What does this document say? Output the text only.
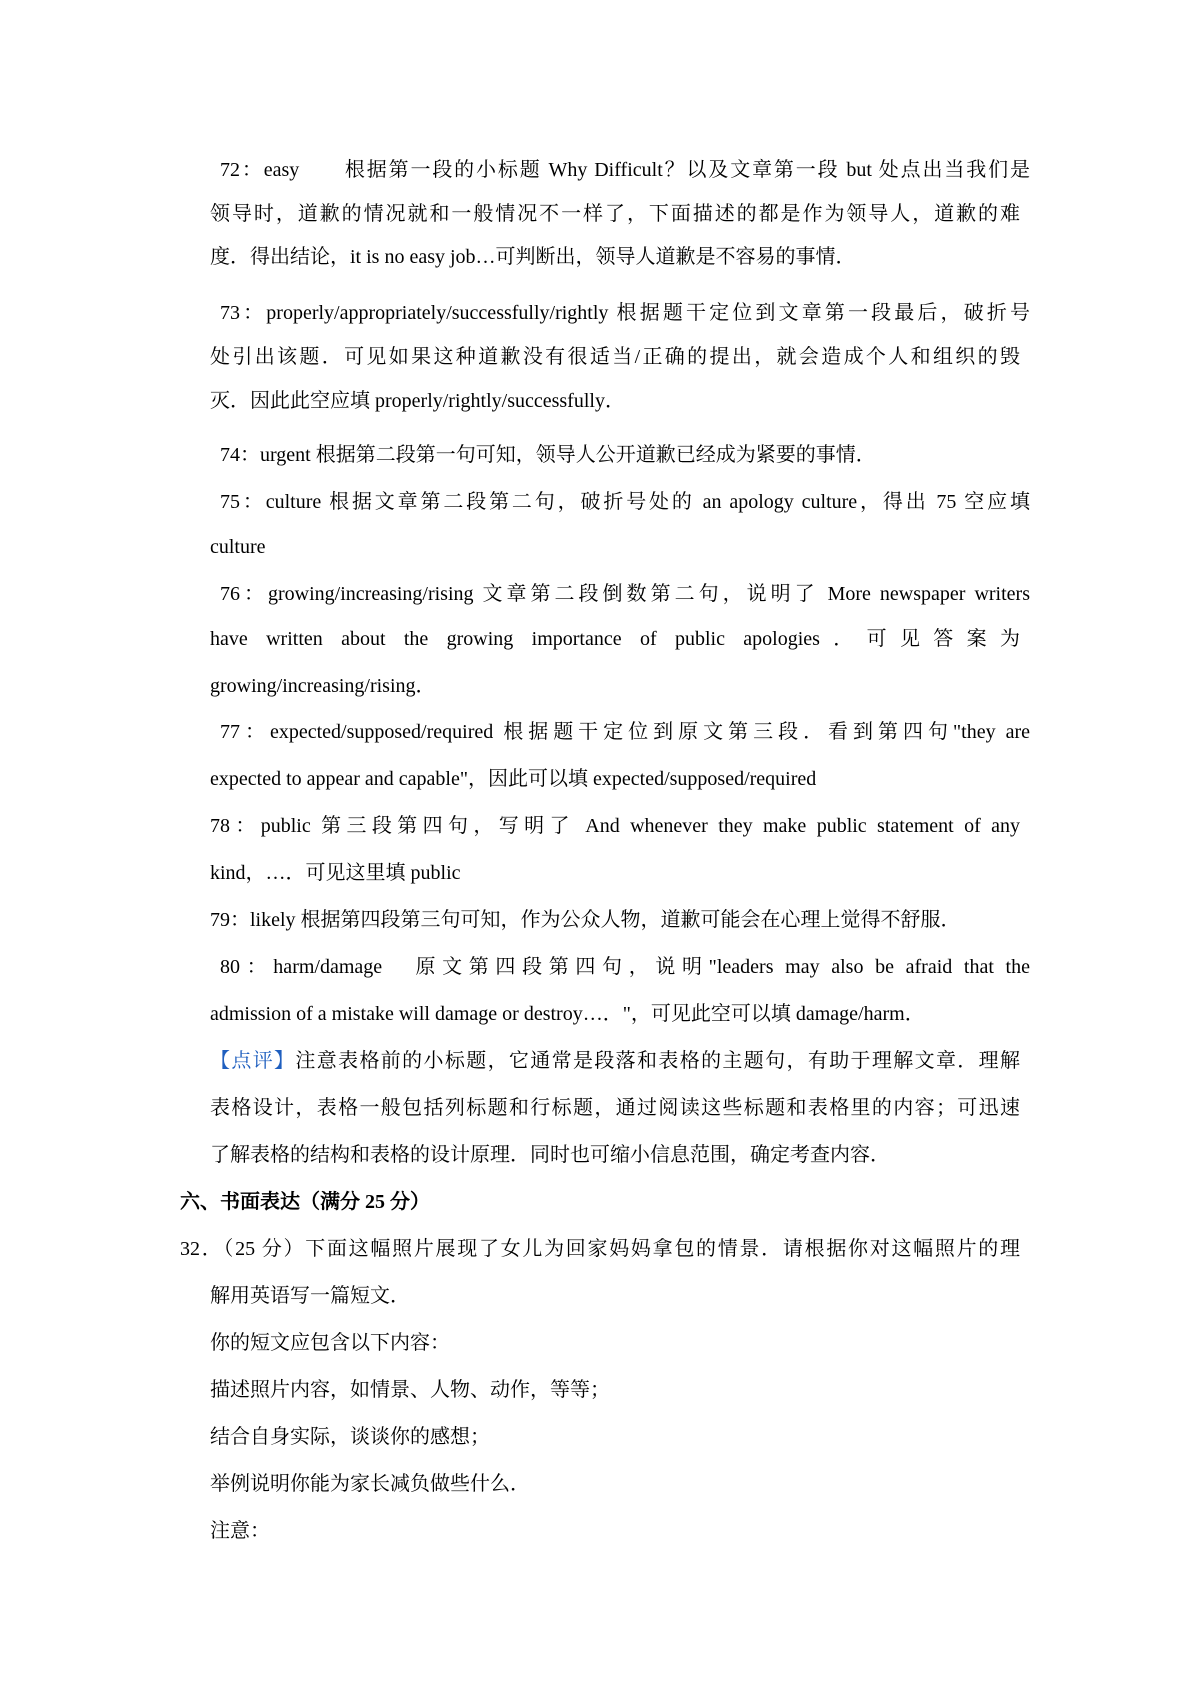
72：easy　　根据第一段的小标题 Why Difficult？以及文章第一段 but 处点出当我们是
领导时，道歉的情况就和一般情况不一样了，下面描述的都是作为领导人，道歉的难
度．得出结论，it is no easy job…可判断出，领导人道歉是不容易的事情．
73：properly/appropriately/successfully/rightly 根据题干定位到文章第一段最后，破折号
处引出该题．可见如果这种道歉没有很适当/正确的提出，就会造成个人和组织的毁
灭．因此此空应填 properly/rightly/successfully．
74：urgent 根据第二段第一句可知，领导人公开道歉已经成为紧要的事情．
75：culture 根据文章第二段第二句，破折号处的 an apology culture，得出 75 空应填
culture
76：growing/increasing/rising 文章第二段倒数第二句，说明了 More newspaper writers
have written about the growing importance of public apologies．可见答案为
growing/increasing/rising．
77：expected/supposed/required 根据题干定位到原文第三段．看到第四句"they are
expected to appear and capable"，因此可以填 expected/supposed/required
78：public 第三段第四句，写明了 And whenever they make public statement of any
kind，…．可见这里填 public
79：likely 根据第四段第三句可知，作为公众人物，道歉可能会在心理上觉得不舒服．
80：harm/damage　原文第四段第四句，说明"leaders may also be afraid that the
admission of a mistake will damage or destroy…．"，可见此空可以填 damage/harm．
【点评】注意表格前的小标题，它通常是段落和表格的主题句，有助于理解文章．理解
表格设计，表格一般包括列标题和行标题，通过阅读这些标题和表格里的内容；可迅速
了解表格的结构和表格的设计原理．同时也可缩小信息范围，确定考查内容．
六、书面表达（满分 25 分）
32．（25 分）下面这幅照片展现了女儿为回家妈妈拿包的情景．请根据你对这幅照片的理
解用英语写一篇短文．
你的短文应包含以下内容：
描述照片内容，如情景、人物、动作，等等；
结合自身实际，谈谈你的感想；
举例说明你能为家长减负做些什么．
注意：
